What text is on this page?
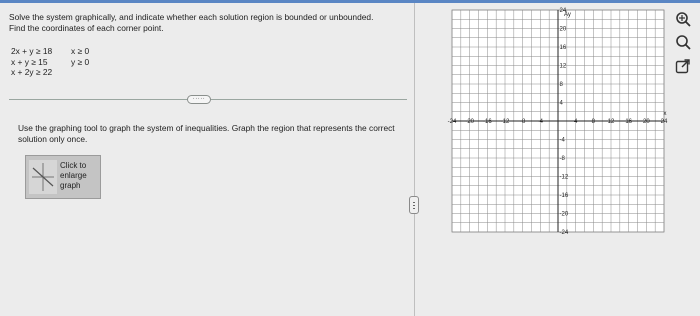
Solve the system graphically, and indicate whether each solution region is bounded or unbounded. Find the coordinates of each corner point.
2x + y ≥ 18
x + y ≥ 15
x + 2y ≥ 22
x ≥ 0
y ≥ 0
·····
Use the graphing tool to graph the system of inequalities. Graph the region that represents the correct solution only once.
Click to enlarge graph
-24 -20 -16 -12 -8 -4	4 8 12 16 20 24
24
20
16
12
8
4
-4
-8
-12
-16
-20
-24
x
Ay
